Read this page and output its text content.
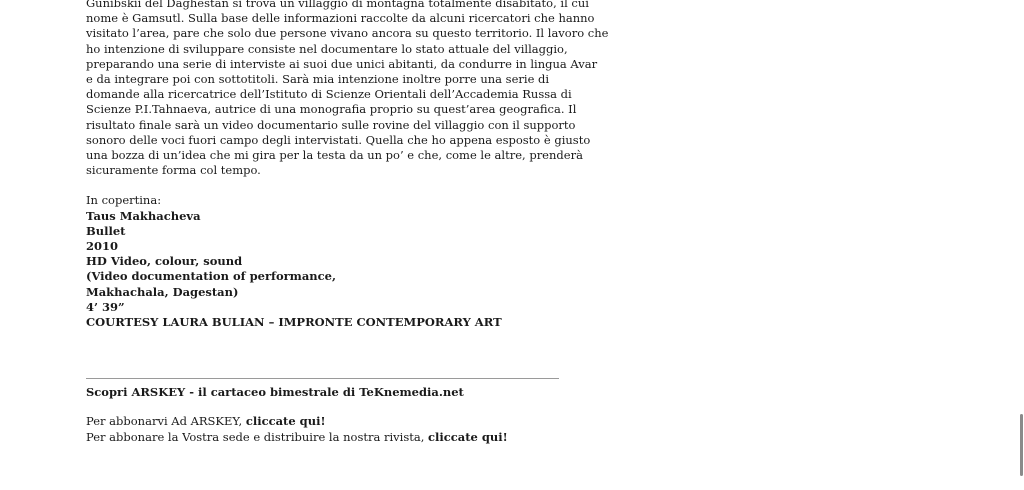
Gunibskii del Daghestan si trova un villaggio di montagna totalmente disabitato, il cui
nome è Gamsutl. Sulla base delle informazioni raccolte da alcuni ricercatori che hanno
visitato l’area, pare che solo due persone vivano ancora su questo territorio. Il lavoro che
ho intenzione di sviluppare consiste nel documentare lo stato attuale del villaggio,
preparando una serie di interviste ai suoi due unici abitanti, da condurre in lingua Avar
e da integrare poi con sottotitoli. Sarà mia intenzione inoltre porre una serie di
domande alla ricercatrice dell’Istituto di Scienze Orientali dell’Accademia Russa di
Scienze P.I.Tahnaeva, autrice di una monografia proprio su quest’area geografica. Il
risultato finale sarà un video documentario sulle rovine del villaggio con il supporto
sonoro delle voci fuori campo degli intervistati. Quella che ho appena esposto è giusto
una bozza di un’idea che mi gira per la testa da un po’ e che, come le altre, prenderà
sicuramente forma col tempo.

In copertina:
Taus Makhacheva
Bullet
2010
HD Video, colour, sound
(Video documentation of performance,
Makhachala, Dagestan)
4’ 39”
COURTESY LAURA BULIAN – IMPRONTE CONTEMPORARY ART
Scopri ARSKEY - il cartaceo bimestrale di TeKnemedia.net
Per abbonarvi Ad ARSKEY, cliccate qui!
Per abbonare la Vostra sede e distribuire la nostra rivista, cliccate qui!
